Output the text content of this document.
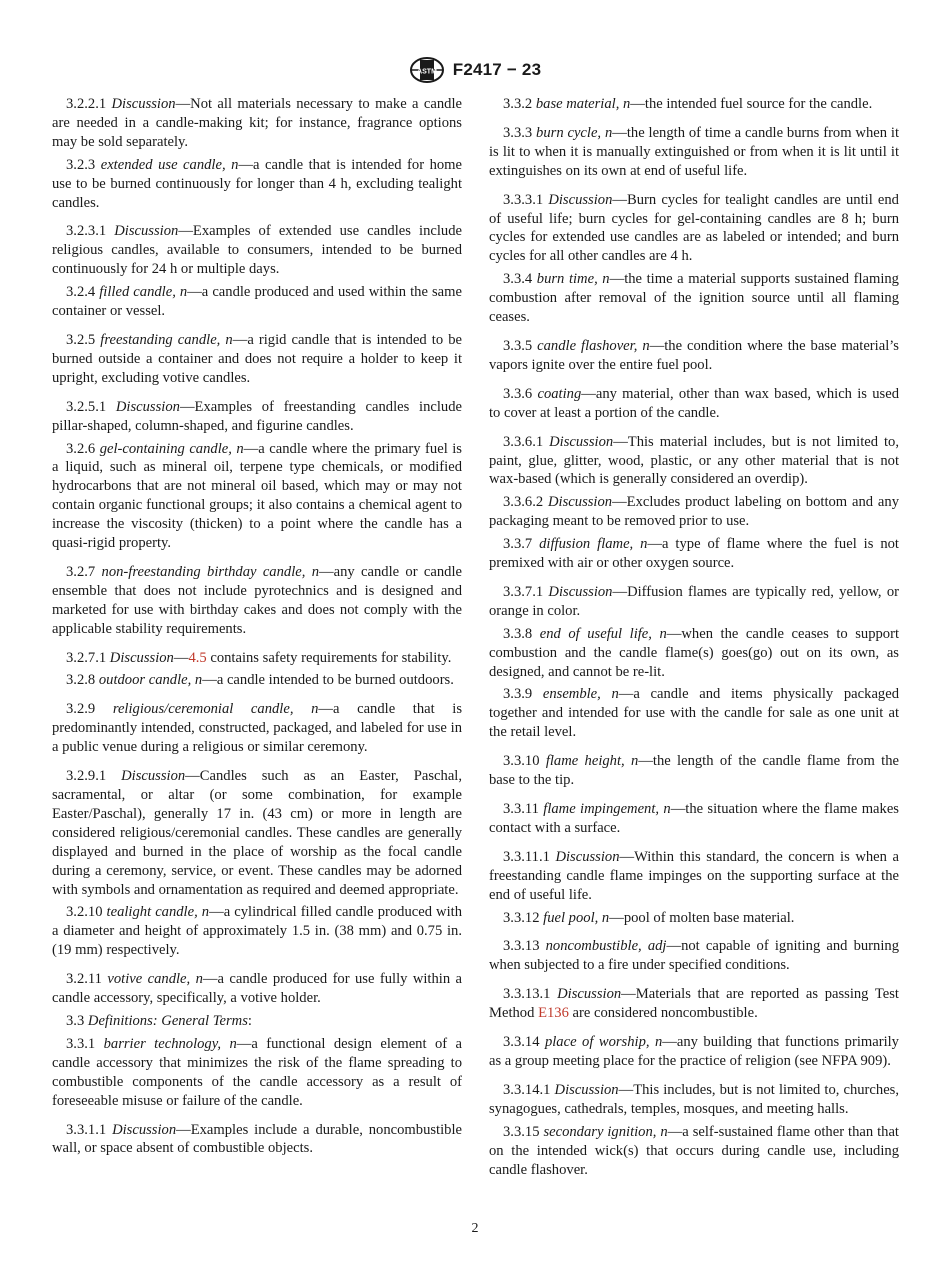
ASTM F2417 − 23

3.2.2.1 Discussion—Not all materials necessary to make a candle are needed in a candle-making kit; for instance, fragrance options may be sold separately.

3.2.3 extended use candle, n—a candle that is intended for home use to be burned continuously for longer than 4 h, excluding tealight candles.

3.2.3.1 Discussion—Examples of extended use candles include religious candles, available to consumers, intended to be burned continuously for 24 h or multiple days.

3.2.4 filled candle, n—a candle produced and used within the same container or vessel.

3.2.5 freestanding candle, n—a rigid candle that is intended to be burned outside a container and does not require a holder to keep it upright, excluding votive candles.

3.2.5.1 Discussion—Examples of freestanding candles include pillar-shaped, column-shaped, and figurine candles.

3.2.6 gel-containing candle, n—a candle where the primary fuel is a liquid, such as mineral oil, terpene type chemicals, or modified hydrocarbons that are not mineral oil based, which may or may not contain organic functional groups; it also contains a chemical agent to increase the viscosity (thicken) to a point where the candle has a quasi-rigid property.

3.2.7 non-freestanding birthday candle, n—any candle or candle ensemble that does not include pyrotechnics and is designed and marketed for use with birthday cakes and does not comply with the applicable stability requirements.

3.2.7.1 Discussion—4.5 contains safety requirements for stability.

3.2.8 outdoor candle, n—a candle intended to be burned outdoors.

3.2.9 religious/ceremonial candle, n—a candle that is predominantly intended, constructed, packaged, and labeled for use in a public venue during a religious or similar ceremony.

3.2.9.1 Discussion—Candles such as an Easter, Paschal, sacramental, or altar (or some combination, for example Easter/Paschal), generally 17 in. (43 cm) or more in length are considered religious/ceremonial candles. These candles are generally displayed and burned in the place of worship as the focal candle during a ceremony, service, or event. These candles may be adorned with symbols and ornamentation as required and deemed appropriate.

3.2.10 tealight candle, n—a cylindrical filled candle produced with a diameter and height of approximately 1.5 in. (38 mm) and 0.75 in. (19 mm) respectively.

3.2.11 votive candle, n—a candle produced for use fully within a candle accessory, specifically, a votive holder.

3.3 Definitions: General Terms:

3.3.1 barrier technology, n—a functional design element of a candle accessory that minimizes the risk of the flame spreading to combustible components of the candle accessory as a result of foreseeable misuse or failure of the candle.

3.3.1.1 Discussion—Examples include a durable, noncombustible wall, or space absent of combustible objects.

3.3.2 base material, n—the intended fuel source for the candle.

3.3.3 burn cycle, n—the length of time a candle burns from when it is lit to when it is manually extinguished or from when it is lit until it extinguishes on its own at end of useful life.

3.3.3.1 Discussion—Burn cycles for tealight candles are until end of useful life; burn cycles for gel-containing candles are 8 h; burn cycles for extended use candles are as labeled or intended; and burn cycles for all other candles are 4 h.

3.3.4 burn time, n—the time a material supports sustained flaming combustion after removal of the ignition source until all flaming ceases.

3.3.5 candle flashover, n—the condition where the base material’s vapors ignite over the entire fuel pool.

3.3.6 coating—any material, other than wax based, which is used to cover at least a portion of the candle.

3.3.6.1 Discussion—This material includes, but is not limited to, paint, glue, glitter, wood, plastic, or any other material that is not wax-based (which is generally considered an overdip).

3.3.6.2 Discussion—Excludes product labeling on bottom and any packaging meant to be removed prior to use.

3.3.7 diffusion flame, n—a type of flame where the fuel is not premixed with air or other oxygen source.

3.3.7.1 Discussion—Diffusion flames are typically red, yellow, or orange in color.

3.3.8 end of useful life, n—when the candle ceases to support combustion and the candle flame(s) goes(go) out on its own, as designed, and cannot be re-lit.

3.3.9 ensemble, n—a candle and items physically packaged together and intended for use with the candle for sale as one unit at the retail level.

3.3.10 flame height, n—the length of the candle flame from the base to the tip.

3.3.11 flame impingement, n—the situation where the flame makes contact with a surface.

3.3.11.1 Discussion—Within this standard, the concern is when a freestanding candle flame impinges on the supporting surface at the end of useful life.

3.3.12 fuel pool, n—pool of molten base material.

3.3.13 noncombustible, adj—not capable of igniting and burning when subjected to a fire under specified conditions.

3.3.13.1 Discussion—Materials that are reported as passing Test Method E136 are considered noncombustible.

3.3.14 place of worship, n—any building that functions primarily as a group meeting place for the practice of religion (see NFPA 909).

3.3.14.1 Discussion—This includes, but is not limited to, churches, synagogues, cathedrals, temples, mosques, and meeting halls.

3.3.15 secondary ignition, n—a self-sustained flame other than that on the intended wick(s) that occurs during candle use, including candle flashover.

2
